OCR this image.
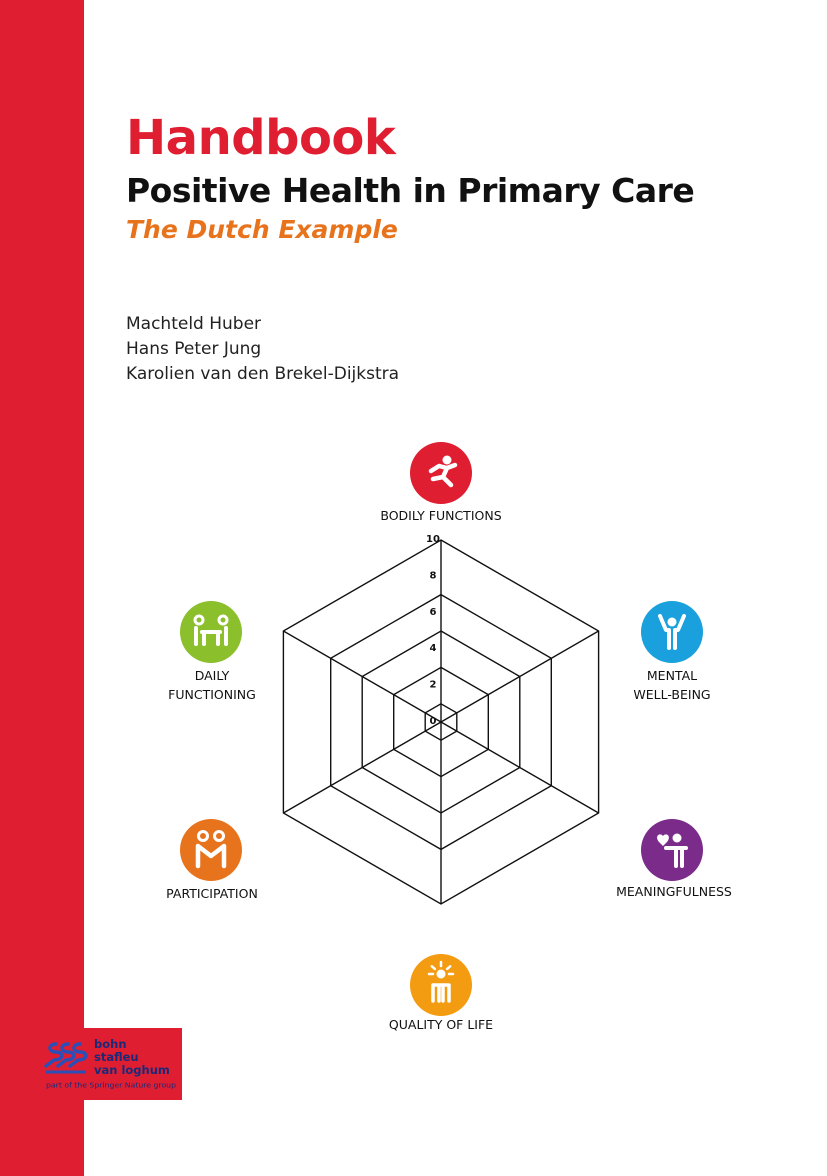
Handbook
Positive Health in Primary Care
The Dutch Example
Machteld Huber
Hans Peter Jung
Karolien van den Brekel-Dijkstra
0
2
4
6
8
10
BODILY FUNCTIONS
MENTAL
WELL-BEING
MEANINGFULNESS
QUALITY OF LIFE
PARTICIPATION
DAILY
FUNCTIONING

bohn
stafleu
van loghum

part of the Springer Nature group
